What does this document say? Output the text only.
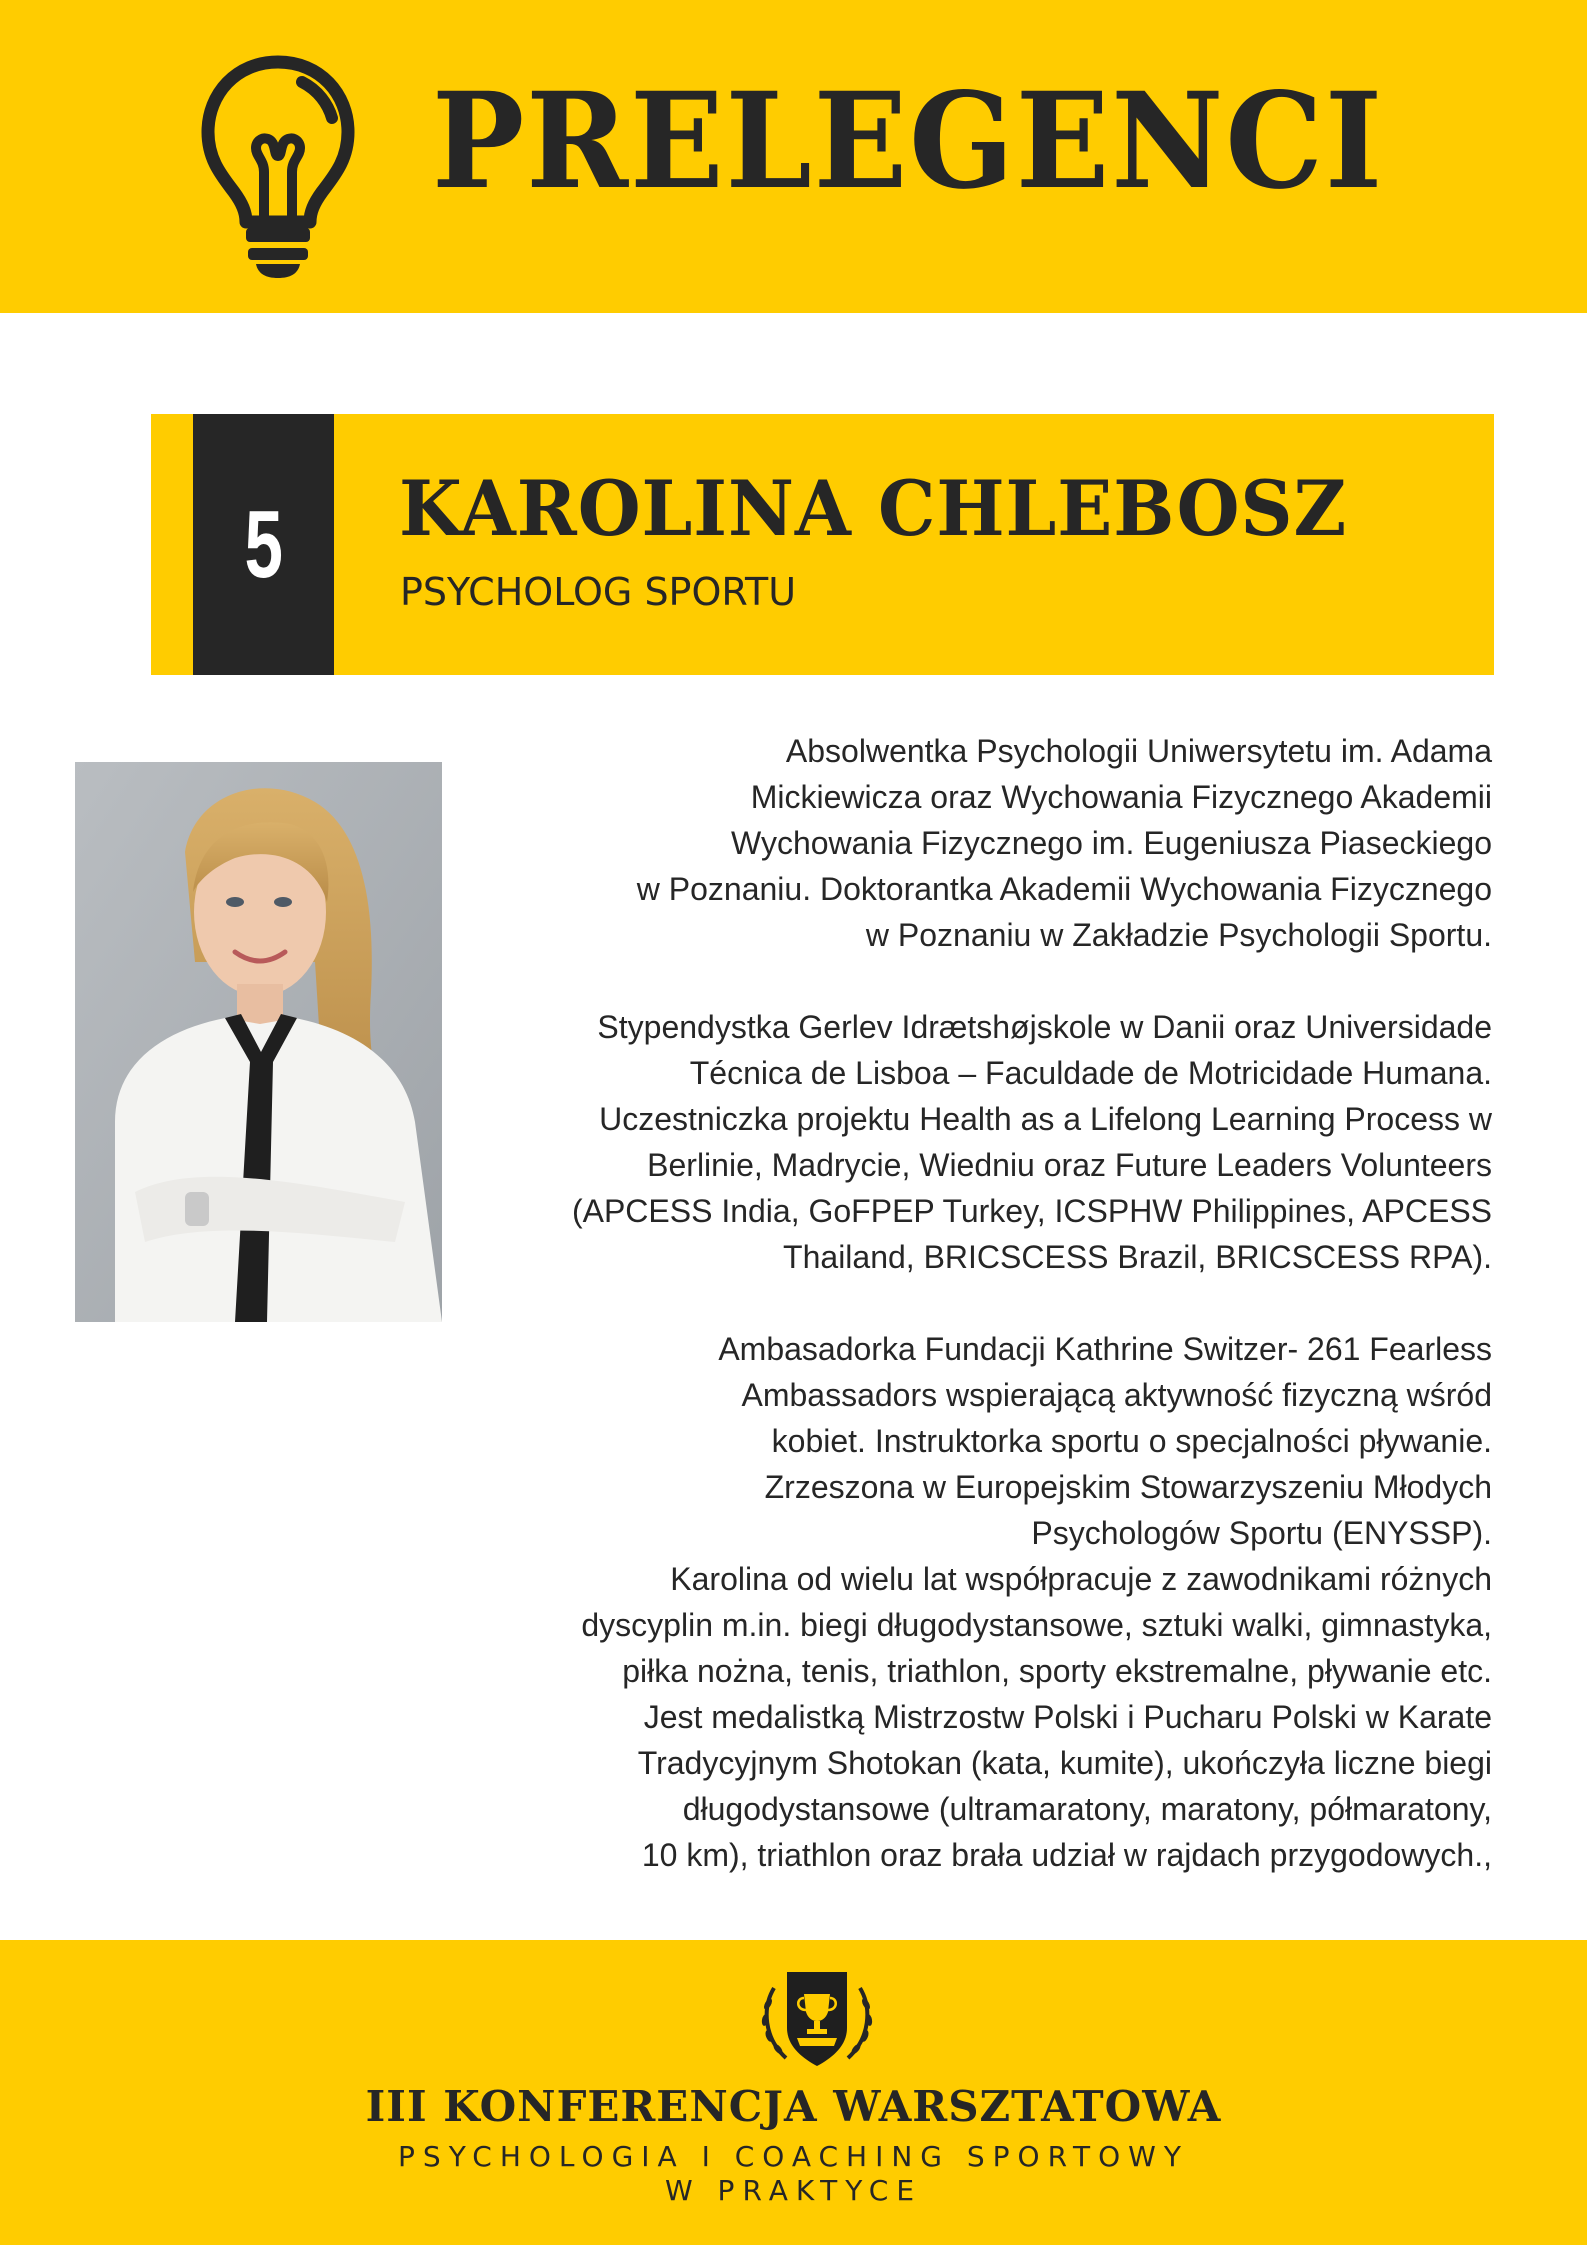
PRELEGENCI
5 KAROLINA CHLEBOSZ
PSYCHOLOG SPORTU

Absolwentka Psychologii Uniwersytetu im. Adama
Mickiewicza oraz Wychowania Fizycznego Akademii
Wychowania Fizycznego im. Eugeniusza Piaseckiego
w Poznaniu. Doktorantka Akademii Wychowania Fizycznego
w Poznaniu w Zakładzie Psychologii Sportu.

Stypendystka Gerlev Idrætshøjskole w Danii oraz Universidade
Técnica de Lisboa – Faculdade de Motricidade Humana.
Uczestniczka projektu Health as a Lifelong Learning Process w
Berlinie, Madrycie, Wiedniu oraz Future Leaders Volunteers
(APCESS India, GoFPEP Turkey, ICSPHW Philippines, APCESS
Thailand, BRICSCESS Brazil, BRICSCESS RPA).

Ambasadorka Fundacji Kathrine Switzer- 261 Fearless
Ambassadors wspierającą aktywność fizyczną wśród
kobiet. Instruktorka sportu o specjalności pływanie.
Zrzeszona w Europejskim Stowarzyszeniu Młodych
Psychologów Sportu (ENYSSP).
Karolina od wielu lat współpracuje z zawodnikami różnych
dyscyplin m.in. biegi długodystansowe, sztuki walki, gimnastyka,
piłka nożna, tenis, triathlon, sporty ekstremalne, pływanie etc.
Jest medalistką Mistrzostw Polski i Pucharu Polski w Karate
Tradycyjnym Shotokan (kata, kumite), ukończyła liczne biegi
długodystansowe (ultramaratony, maratony, półmaratony,
10 km), triathlon oraz brała udział w rajdach przygodowych.,

III KONFERENCJA WARSZTATOWA
PSYCHOLOGIA I COACHING SPORTOWY
W PRAKTYCE
